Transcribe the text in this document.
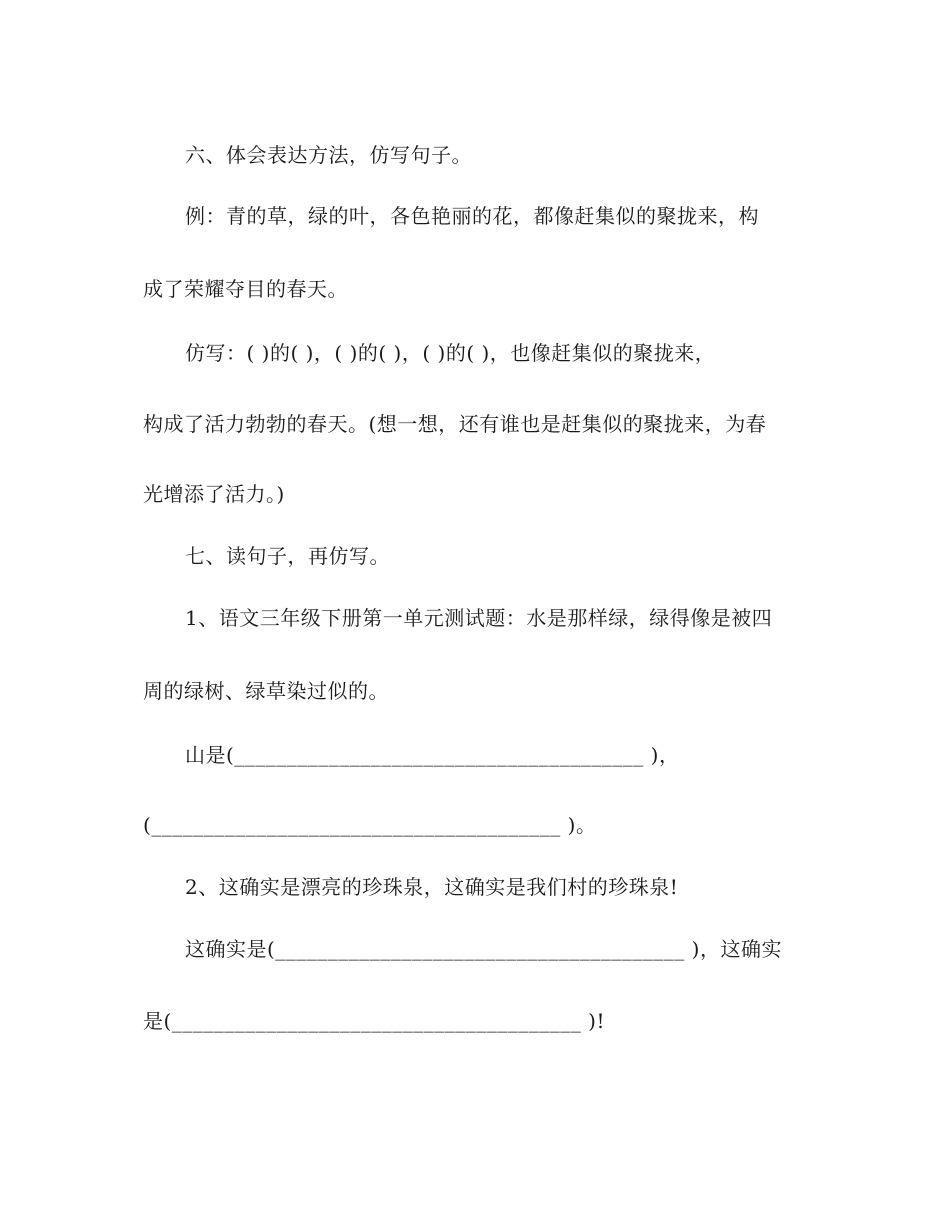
六、体会表达方法，仿写句子。
例：青的草，绿的叶，各色艳丽的花，都像赶集似的聚拢来，构
成了荣耀夺目的春天。
仿写：( )的( )，( )的( )，( )的( )，也像赶集似的聚拢来，
构成了活力勃勃的春天。(想一想，还有谁也是赶集似的聚拢来，为春
光增添了活力。)
七、读句子，再仿写。
1、语文三年级下册第一单元测试题：水是那样绿，绿得像是被四
周的绿树、绿草染过似的。
山是(_______________________________________ )，
(_______________________________________ )。
2、这确实是漂亮的珍珠泉，这确实是我们村的珍珠泉!
这确实是(_______________________________________ )，这确实
是(_______________________________________ )!
